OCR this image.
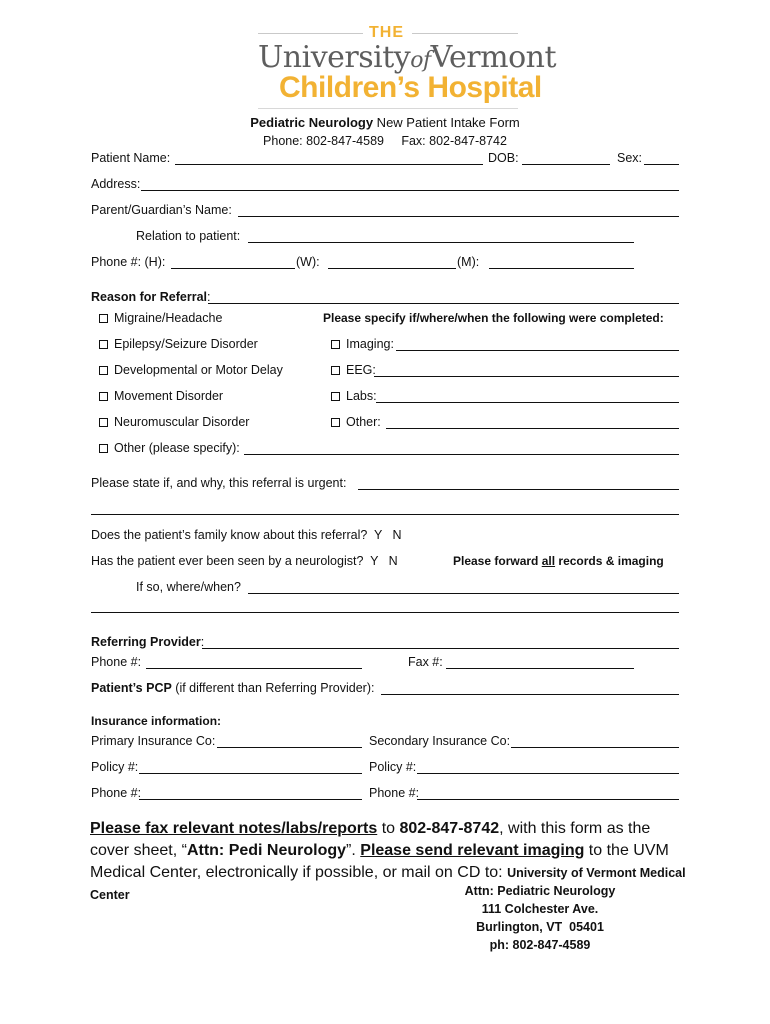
THE
UniversityofVermont
Children’s Hospital
Pediatric Neurology New Patient Intake Form
Phone: 802-847-4589     Fax: 802-847-8742
Patient Name:	DOB:	Sex:
Address:
Parent/Guardian’s Name:
Relation to patient:
Phone #: (H):	(W):	(M):
Reason for Referral:
Please specify if/where/when the following were completed:
Migraine/Headache
Epilepsy/Seizure Disorder	Imaging:
Developmental or Motor Delay	EEG:
Movement Disorder	Labs:
Neuromuscular Disorder	Other:
Other (please specify):
Please state if, and why, this referral is urgent:
Does the patient’s family know about this referral?  Y   N
Has the patient ever been seen by a neurologist?  Y   N	Please forward all records & imaging
If so, where/when?
Referring Provider:
Phone #:	Fax #:
Patient’s PCP (if different than Referring Provider):
Insurance information:
Primary Insurance Co:	Secondary Insurance Co:
Policy #:	Policy #:
Phone #:	Phone #:
Please fax relevant notes/labs/reports to 802-847-8742, with this form as the cover sheet, “Attn: Pedi Neurology”. Please send relevant imaging to the UVM Medical Center, electronically if possible, or mail on CD to: University of Vermont Medical Center	Attn: Pediatric Neurology
111 Colchester Ave.
Burlington, VT  05401
ph: 802-847-4589
